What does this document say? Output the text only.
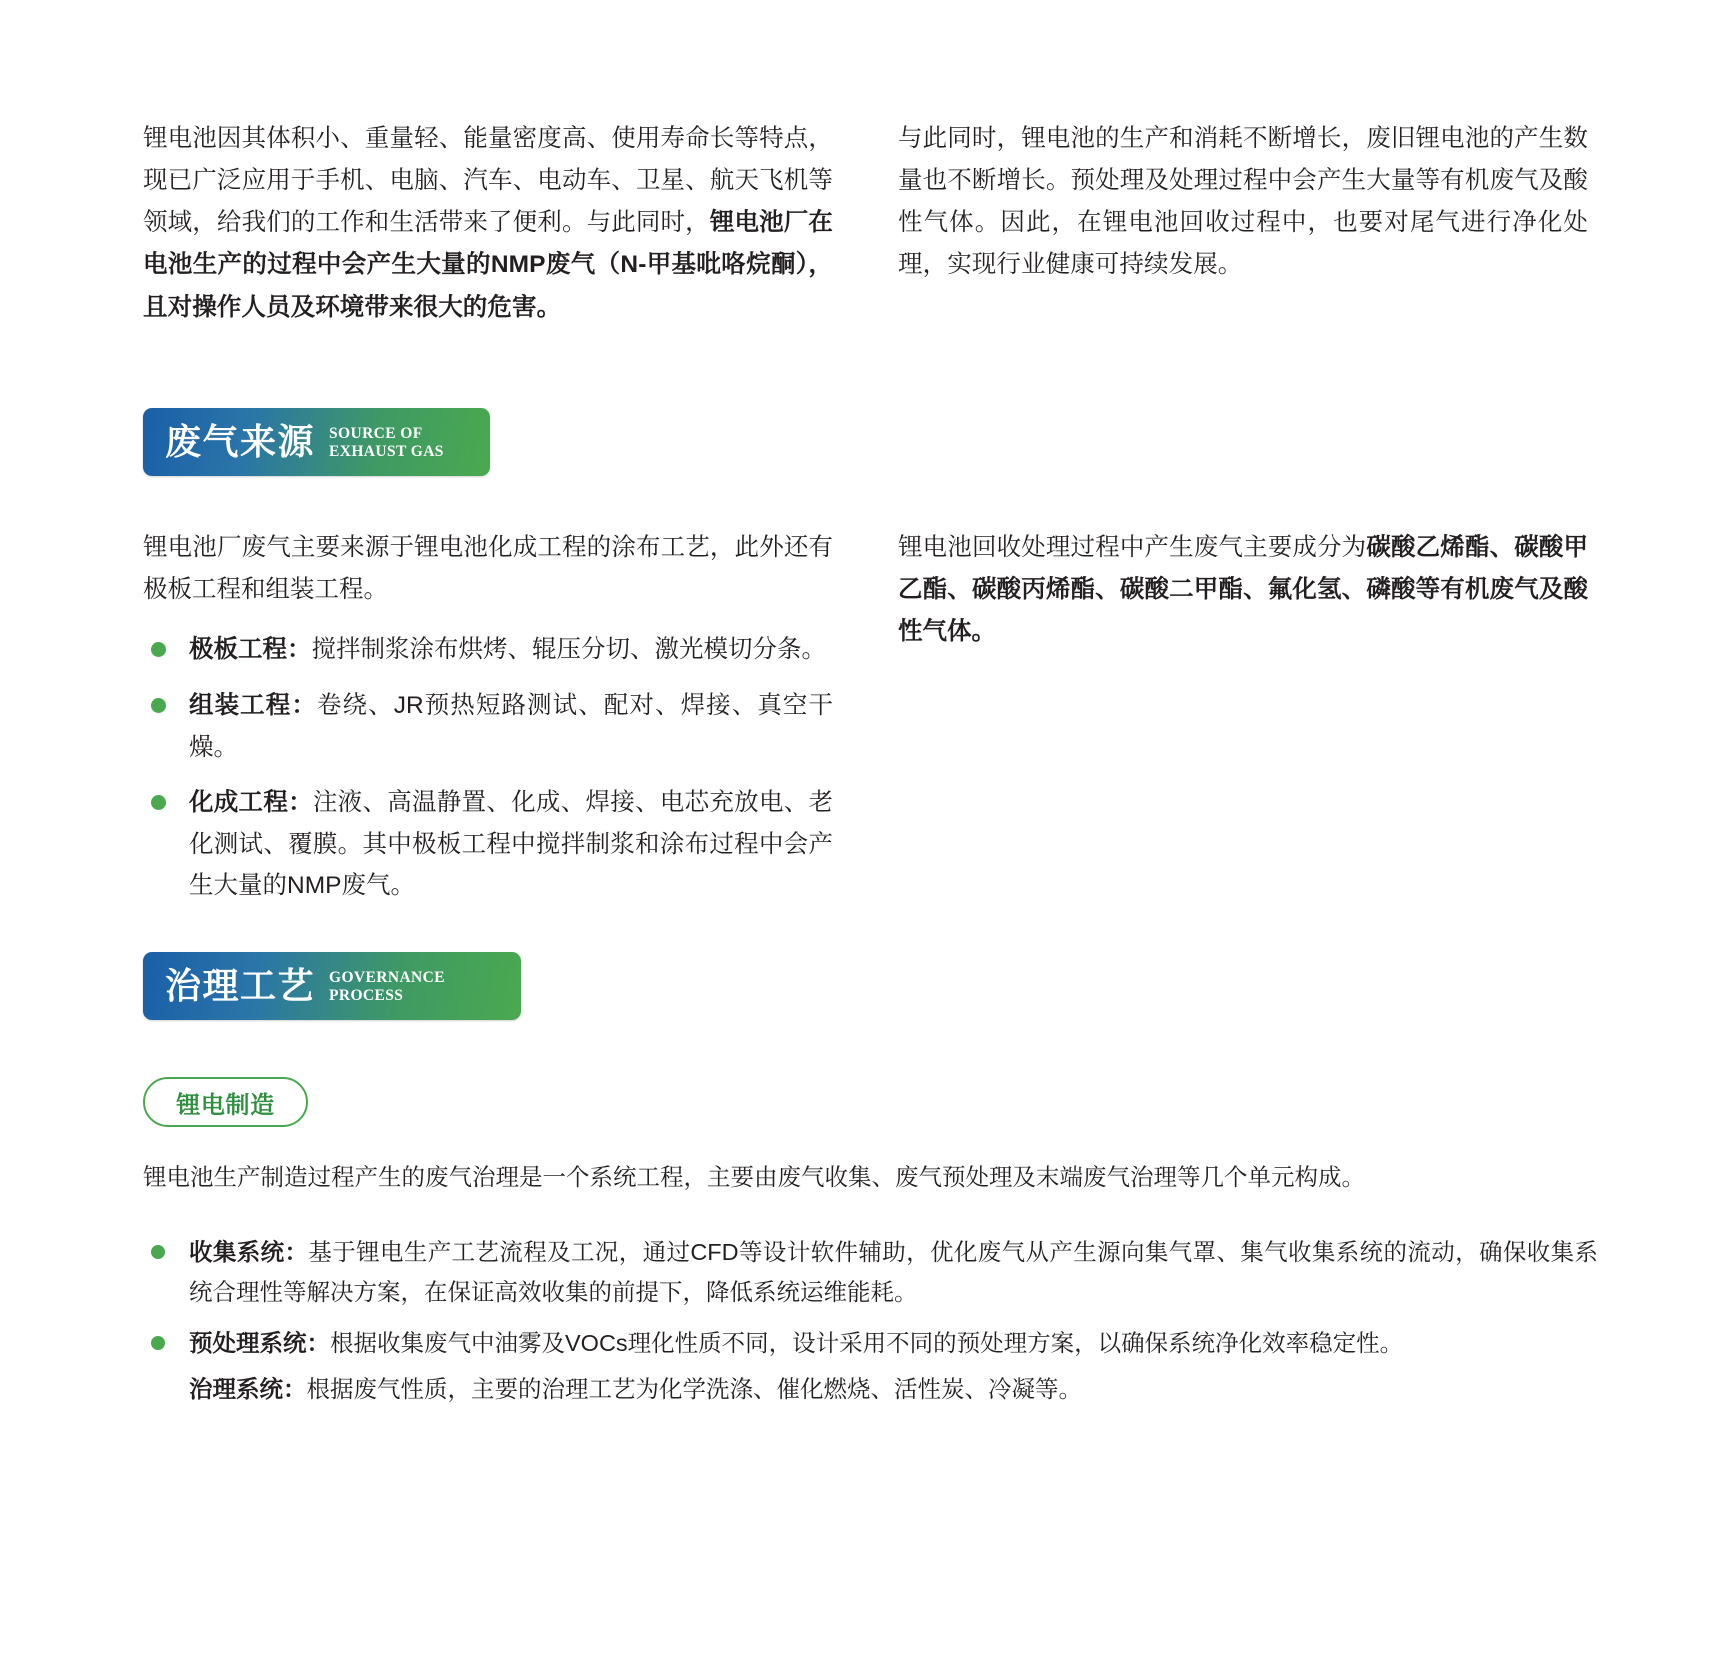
锂电池因其体积小、重量轻、能量密度高、使用寿命长等特点，现已广泛应用于手机、电脑、汽车、电动车、卫星、航天飞机等领域，给我们的工作和生活带来了便利。与此同时，锂电池厂在电池生产的过程中会产生大量的NMP废气（N-甲基吡咯烷酮），且对操作人员及环境带来很大的危害。
与此同时，锂电池的生产和消耗不断增长，废旧锂电池的产生数量也不断增长。预处理及处理过程中会产生大量等有机废气及酸性气体。因此，在锂电池回收过程中，也要对尾气进行净化处理，实现行业健康可持续发展。
废气来源 SOURCE OF
EXHAUST GAS
锂电池厂废气主要来源于锂电池化成工程的涂布工艺，此外还有极板工程和组装工程。
极板工程：搅拌制浆涂布烘烤、辊压分切、激光模切分条。
组装工程：卷绕、JR预热短路测试、配对、焊接、真空干燥。
化成工程：注液、高温静置、化成、焊接、电芯充放电、老化测试、覆膜。其中极板工程中搅拌制浆和涂布过程中会产生大量的NMP废气。
锂电池回收处理过程中产生废气主要成分为碳酸乙烯酯、碳酸甲乙酯、碳酸丙烯酯、碳酸二甲酯、氟化氢、磷酸等有机废气及酸性气体。
治理工艺 GOVERNANCE
PROCESS
锂电制造
锂电池生产制造过程产生的废气治理是一个系统工程，主要由废气收集、废气预处理及末端废气治理等几个单元构成。
收集系统：基于锂电生产工艺流程及工况，通过CFD等设计软件辅助，优化废气从产生源向集气罩、集气收集系统的流动，确保收集系统合理性等解决方案，在保证高效收集的前提下，降低系统运维能耗。
预处理系统：根据收集废气中油雾及VOCs理化性质不同，设计采用不同的预处理方案，以确保系统净化效率稳定性。
治理系统：根据废气性质，主要的治理工艺为化学洗涤、催化燃烧、活性炭、冷凝等。
